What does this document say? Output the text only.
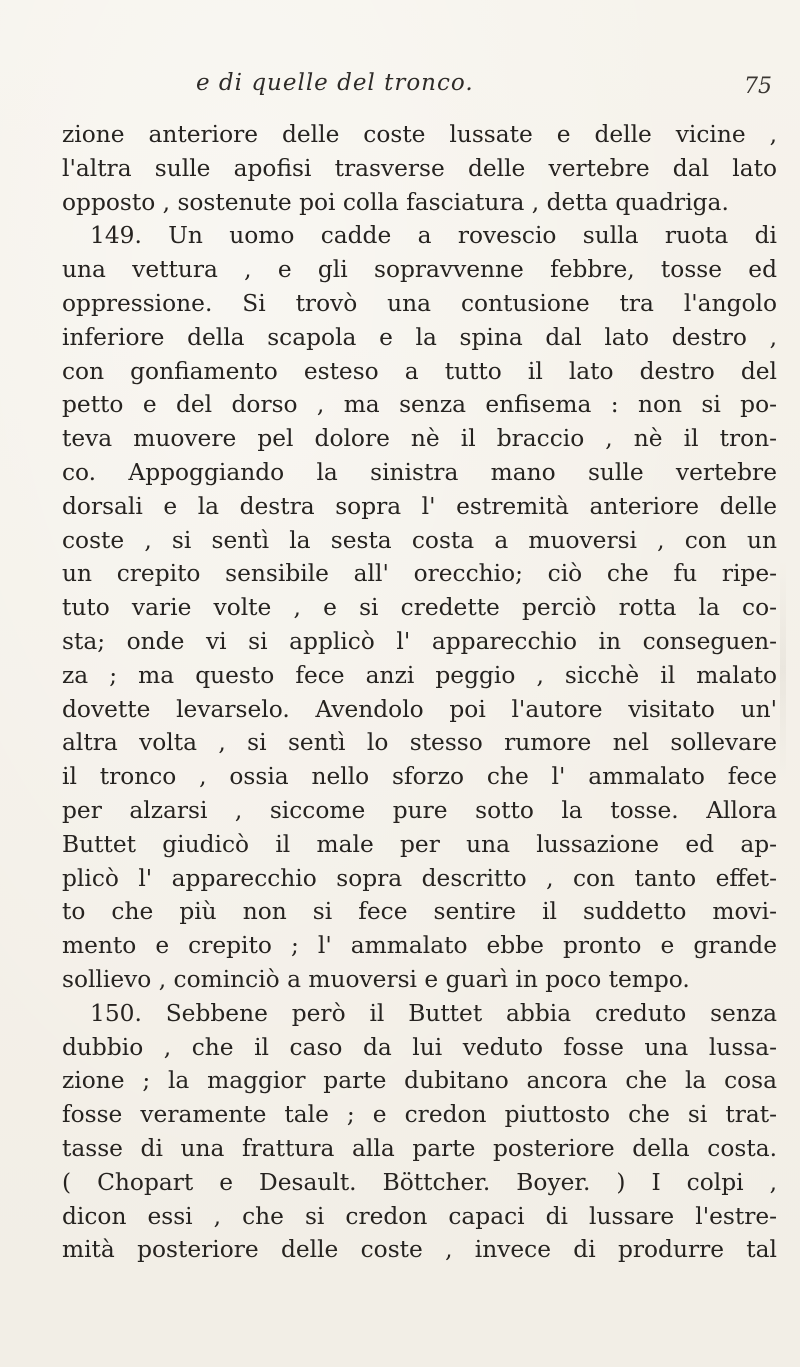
e di quelle del tronco.	75
zione anteriore delle coste lussate e delle vicine ,
l'altra sulle apofisi trasverse delle vertebre dal lato
opposto , sostenute poi colla fasciatura , detta quadriga.
149. Un uomo cadde a rovescio sulla ruota di
una vettura , e gli sopravvenne febbre, tosse ed
oppressione. Si trovò una contusione tra l'angolo
inferiore della scapola e la spina dal lato destro ,
con gonfiamento esteso a tutto il lato destro del
petto e del dorso , ma senza enfisema : non si po-
teva muovere pel dolore nè il braccio , nè il tron-
co. Appoggiando la sinistra mano sulle vertebre
dorsali e la destra sopra l' estremità anteriore delle
coste , si sentì la sesta costa a muoversi , con un
un crepito sensibile all' orecchio; ciò che fu ripe-
tuto varie volte , e si credette perciò rotta la co-
sta; onde vi si applicò l' apparecchio in conseguen-
za ; ma questo fece anzi peggio , sicchè il malato
dovette levarselo. Avendolo poi l'autore visitato un'
altra volta , si sentì lo stesso rumore nel sollevare
il tronco , ossia nello sforzo che l' ammalato fece
per alzarsi , siccome pure sotto la tosse. Allora
Buttet giudicò il male per una lussazione ed ap-
plicò l' apparecchio sopra descritto , con tanto effet-
to che più non si fece sentire il suddetto movi-
mento e crepito ; l' ammalato ebbe pronto e grande
sollievo , cominciò a muoversi e guarì in poco tempo.
150. Sebbene però il Buttet abbia creduto senza
dubbio , che il caso da lui veduto fosse una lussa-
zione ; la maggior parte dubitano ancora che la cosa
fosse veramente tale ; e credon piuttosto che si trat-
tasse di una frattura alla parte posteriore della costa.
( Chopart e Desault. Böttcher. Boyer. ) I colpi ,
dicon essi , che si credon capaci di lussare l'estre-
mità posteriore delle coste , invece di produrre tal
